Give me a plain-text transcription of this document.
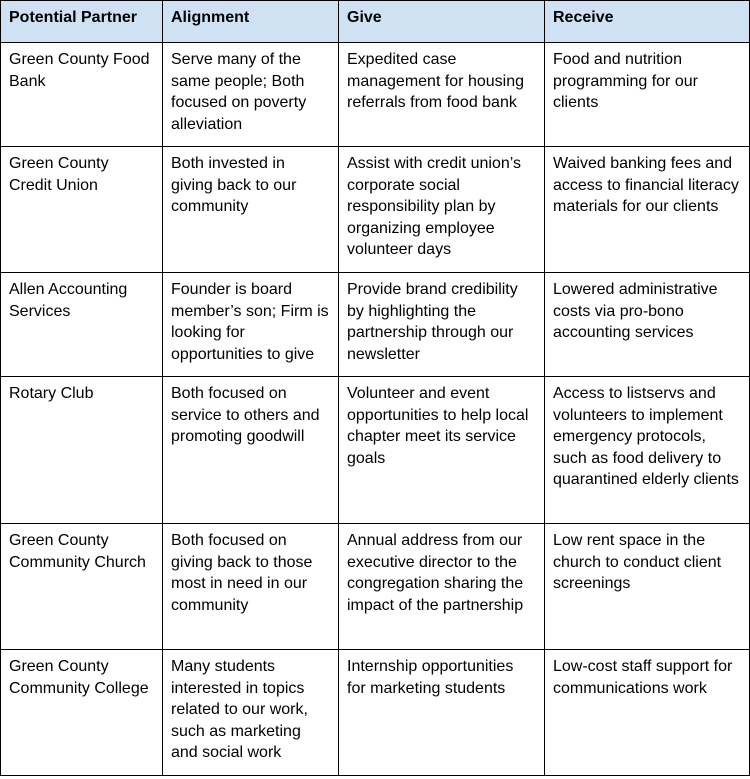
Potential Partner	Alignment	Give	Receive
Green County Food Bank	Serve many of the same people; Both focused on poverty alleviation	Expedited case management for housing referrals from food bank	Food and nutrition programming for our clients
Green County Credit Union	Both invested in giving back to our community	Assist with credit union’s corporate social responsibility plan by organizing employee volunteer days	Waived banking fees and access to financial literacy materials for our clients
Allen Accounting Services	Founder is board member’s son; Firm is looking for opportunities to give	Provide brand credibility by highlighting the partnership through our newsletter	Lowered administrative costs via pro-bono accounting services
Rotary Club	Both focused on service to others and promoting goodwill	Volunteer and event opportunities to help local chapter meet its service goals	Access to listservs and volunteers to implement emergency protocols, such as food delivery to quarantined elderly clients
Green County Community Church	Both focused on giving back to those most in need in our community	Annual address from our executive director to the congregation sharing the impact of the partnership	Low rent space in the church to conduct client screenings
Green County Community College	Many students interested in topics related to our work, such as marketing and social work	Internship opportunities for marketing students	Low-cost staff support for communications work
